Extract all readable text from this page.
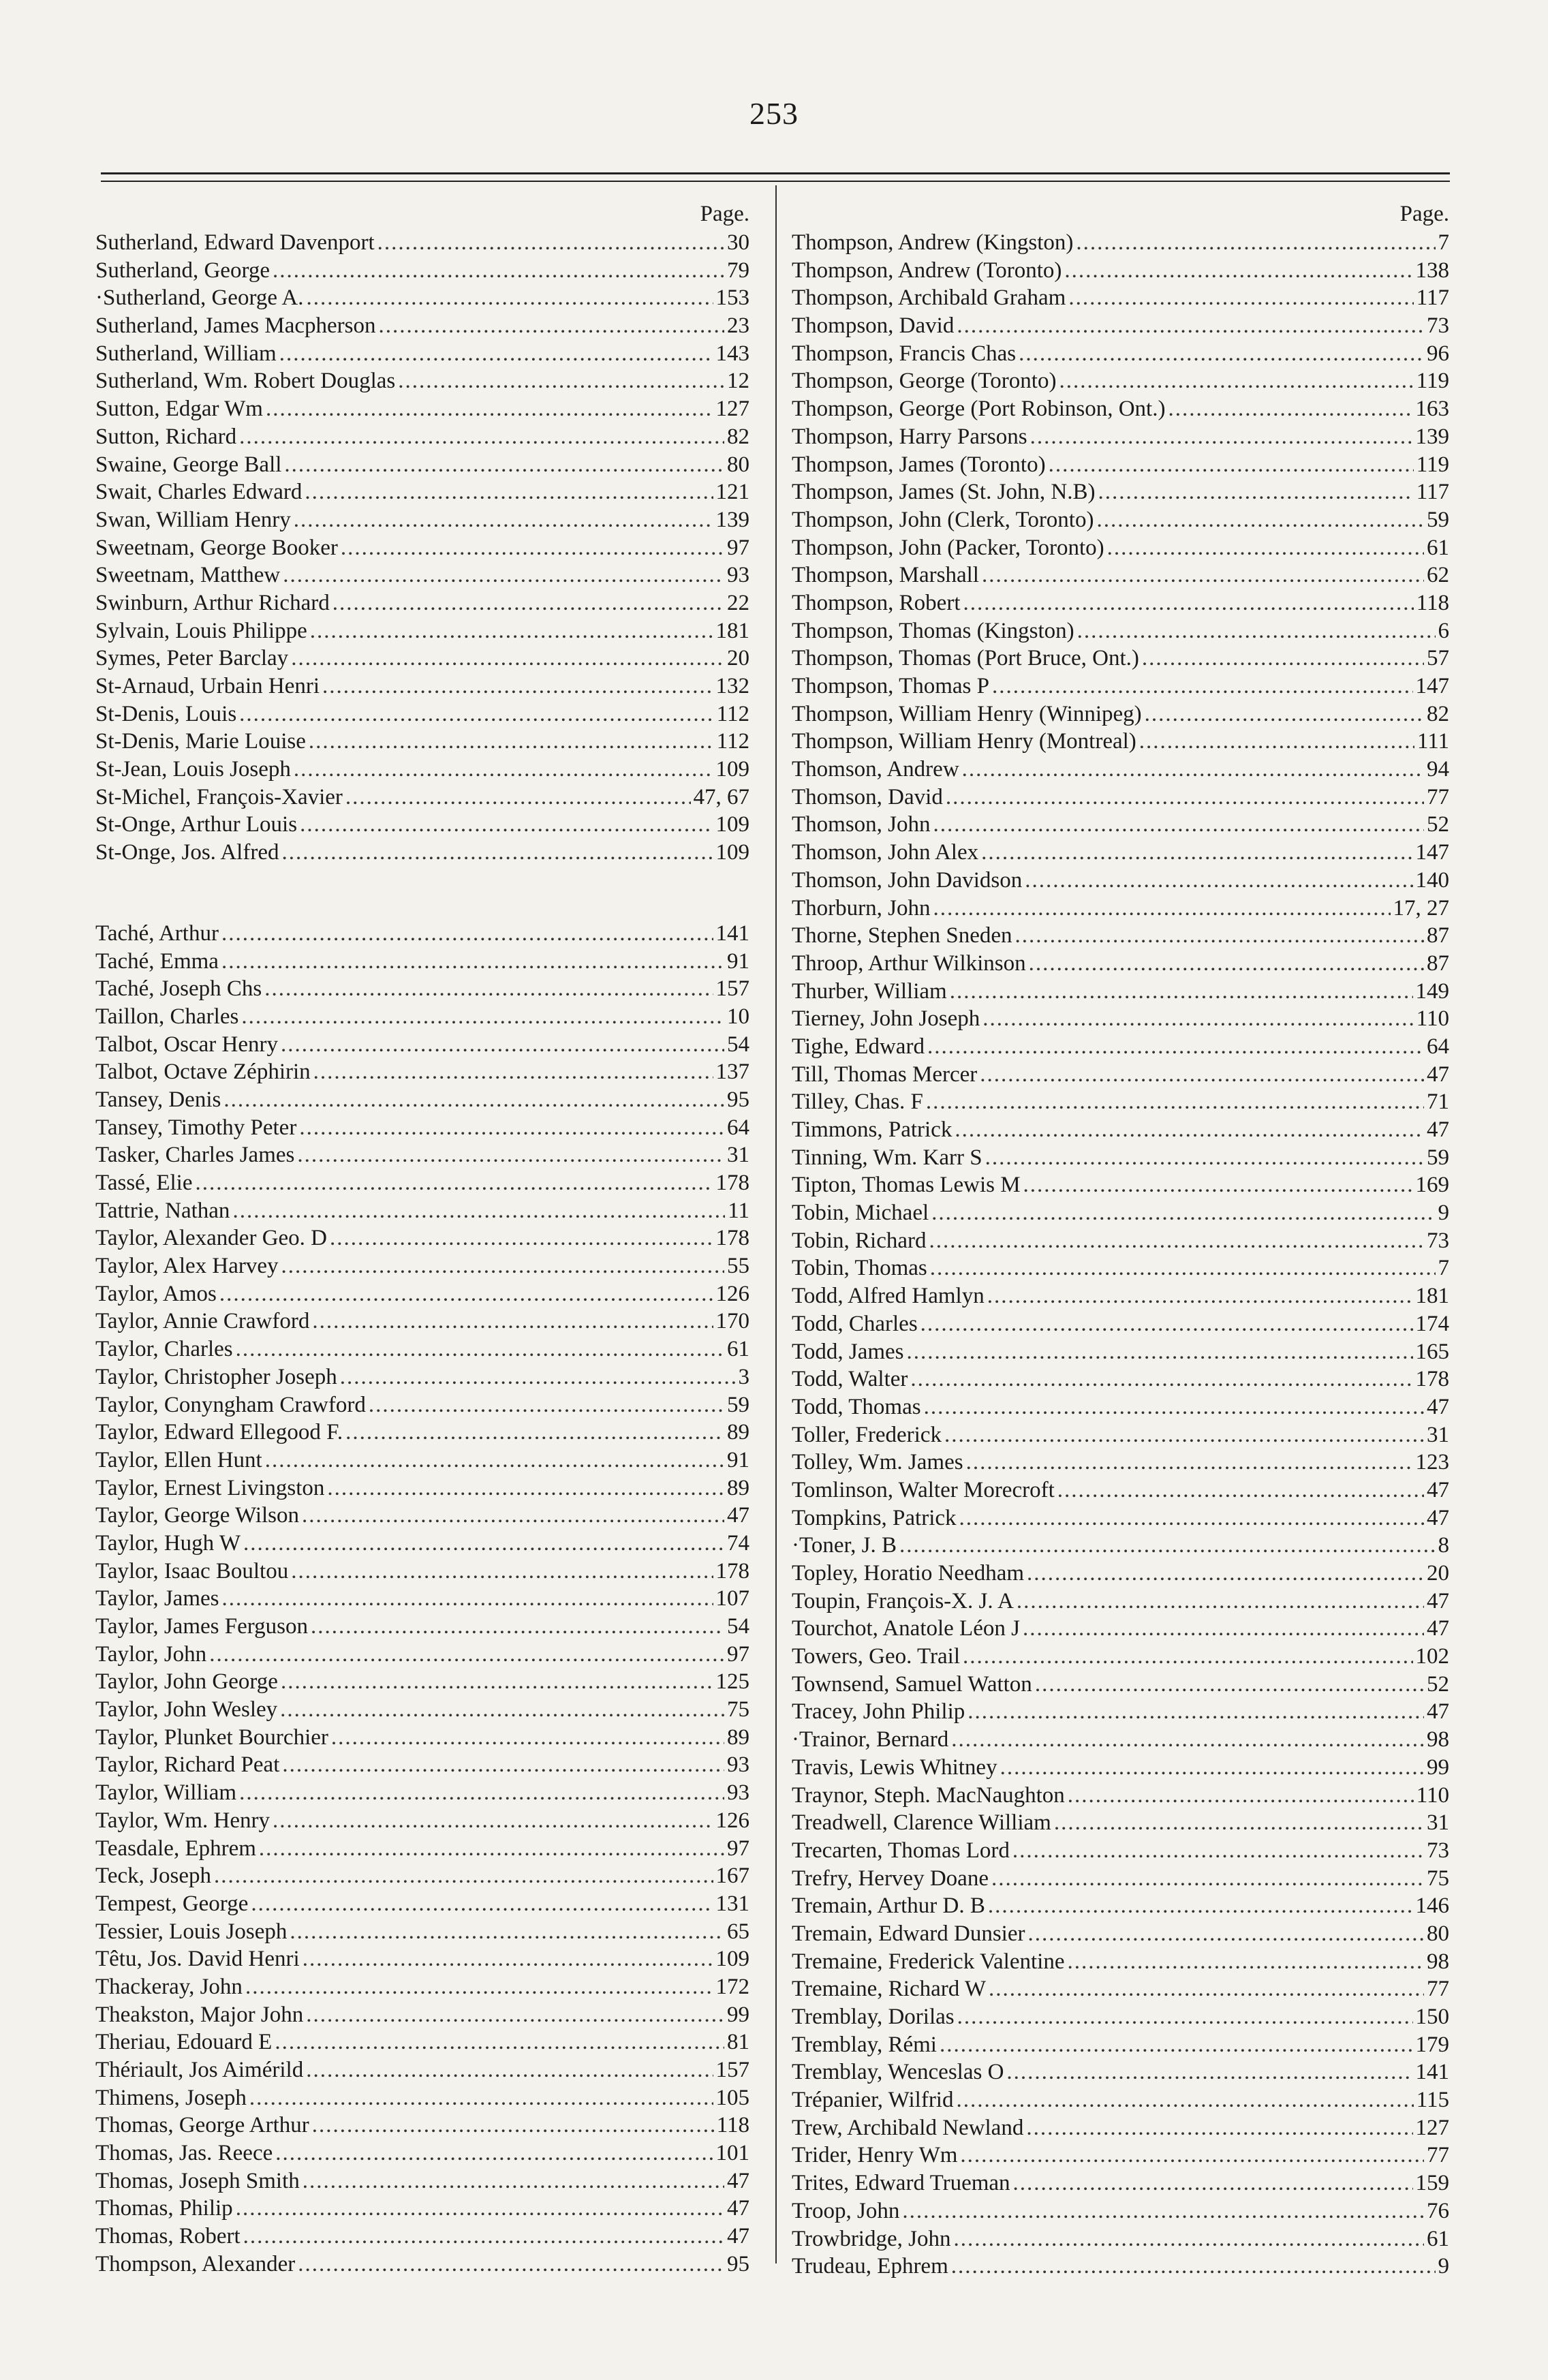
253
Page.
Sutherland, Edward Davenport .....	30
Sutherland, George .....	79
·Sutherland, George A. .....	153
Sutherland, James Macpherson .....	23
Sutherland, William .....	143
Sutherland, Wm. Robert Douglas .....	12
Sutton, Edgar Wm .....	127
Sutton, Richard .....	82
Swaine, George Ball .....	80
Swait, Charles Edward .....	121
Swan, William Henry .....	139
Sweetnam, George Booker .....	97
Sweetnam, Matthew .....	93
Swinburn, Arthur Richard .....	22
Sylvain, Louis Philippe .....	181
Symes, Peter Barclay .....	20
St-Arnaud, Urbain Henri .....	132
St-Denis, Louis .....	112
St-Denis, Marie Louise .....	112
St-Jean, Louis Joseph .....	109
St-Michel, François-Xavier .....	47, 67
St-Onge, Arthur Louis .....	109
St-Onge, Jos. Alfred .....	109
Taché, Arthur .....	141
Taché, Emma .....	91
Taché, Joseph Chs .....	157
Taillon, Charles .....	10
Talbot, Oscar Henry .....	54
Talbot, Octave Zéphirin .....	137
Tansey, Denis .....	95
Tansey, Timothy Peter .....	64
Tasker, Charles James .....	31
Tassé, Elie .....	178
Tattrie, Nathan .....	11
Taylor, Alexander Geo. D .....	178
Taylor, Alex Harvey .....	55
Taylor, Amos .....	126
Taylor, Annie Crawford .....	170
Taylor, Charles .....	61
Taylor, Christopher Joseph .....	3
Taylor, Conyngham Crawford .....	59
Taylor, Edward Ellegood F. .....	89
Taylor, Ellen Hunt .....	91
Taylor, Ernest Livingston .....	89
Taylor, George Wilson .....	47
Taylor, Hugh W .....	74
Taylor, Isaac Boultou .....	178
Taylor, James .....	107
Taylor, James Ferguson .....	54
Taylor, John .....	97
Taylor, John George .....	125
Taylor, John Wesley .....	75
Taylor, Plunket Bourchier .....	89
Taylor, Richard Peat .....	93
Taylor, William .....	93
Taylor, Wm. Henry .....	126
Teasdale, Ephrem .....	97
Teck, Joseph .....	167
Tempest, George .....	131
Tessier, Louis Joseph .....	65
Têtu, Jos. David Henri .....	109
Thackeray, John .....	172
Theakston, Major John .....	99
Theriau, Edouard E .....	81
Thériault, Jos Aimérild .....	157
Thimens, Joseph .....	105
Thomas, George Arthur .....	118
Thomas, Jas. Reece .....	101
Thomas, Joseph Smith .....	47
Thomas, Philip .....	47
Thomas, Robert .....	47
Thompson, Alexander .....	95
Page.
Thompson, Andrew (Kingston) .....	7
Thompson, Andrew (Toronto) .....	138
Thompson, Archibald Graham .....	117
Thompson, David .....	73
Thompson, Francis Chas .....	96
Thompson, George (Toronto) .....	119
Thompson, George (Port Robinson, Ont.) .....	163
Thompson, Harry Parsons .....	139
Thompson, James (Toronto) .....	119
Thompson, James (St. John, N.B) .....	117
Thompson, John (Clerk, Toronto) .....	59
Thompson, John (Packer, Toronto) .....	61
Thompson, Marshall .....	62
Thompson, Robert .....	118
Thompson, Thomas (Kingston) .....	6
Thompson, Thomas (Port Bruce, Ont.) .....	57
Thompson, Thomas P .....	147
Thompson, William Henry (Winnipeg) .....	82
Thompson, William Henry (Montreal) .....	111
Thomson, Andrew .....	94
Thomson, David .....	77
Thomson, John .....	52
Thomson, John Alex .....	147
Thomson, John Davidson .....	140
Thorburn, John .....	17, 27
Thorne, Stephen Sneden .....	87
Throop, Arthur Wilkinson .....	87
Thurber, William .....	149
Tierney, John Joseph .....	110
Tighe, Edward .....	64
Till, Thomas Mercer .....	47
Tilley, Chas. F .....	71
Timmons, Patrick .....	47
Tinning, Wm. Karr S .....	59
Tipton, Thomas Lewis M .....	169
Tobin, Michael .....	9
Tobin, Richard .....	73
Tobin, Thomas .....	7
Todd, Alfred Hamlyn .....	181
Todd, Charles .....	174
Todd, James .....	165
Todd, Walter .....	178
Todd, Thomas .....	47
Toller, Frederick .....	31
Tolley, Wm. James .....	123
Tomlinson, Walter Morecroft .....	47
Tompkins, Patrick .....	47
·Toner, J. B .....	8
Topley, Horatio Needham .....	20
Toupin, François-X. J. A .....	47
Tourchot, Anatole Léon J .....	47
Towers, Geo. Trail .....	102
Townsend, Samuel Watton .....	52
Tracey, John Philip .....	47
·Trainor, Bernard .....	98
Travis, Lewis Whitney .....	99
Traynor, Steph. MacNaughton .....	110
Treadwell, Clarence William .....	31
Trecarten, Thomas Lord .....	73
Trefry, Hervey Doane .....	75
Tremain, Arthur D. B .....	146
Tremain, Edward Dunsier .....	80
Tremaine, Frederick Valentine .....	98
Tremaine, Richard W .....	77
Tremblay, Dorilas .....	150
Tremblay, Rémi .....	179
Tremblay, Wenceslas O .....	141
Trépanier, Wilfrid .....	115
Trew, Archibald Newland .....	127
Trider, Henry Wm .....	77
Trites, Edward Trueman .....	159
Troop, John .....	76
Trowbridge, John .....	61
Trudeau, Ephrem .....	9
